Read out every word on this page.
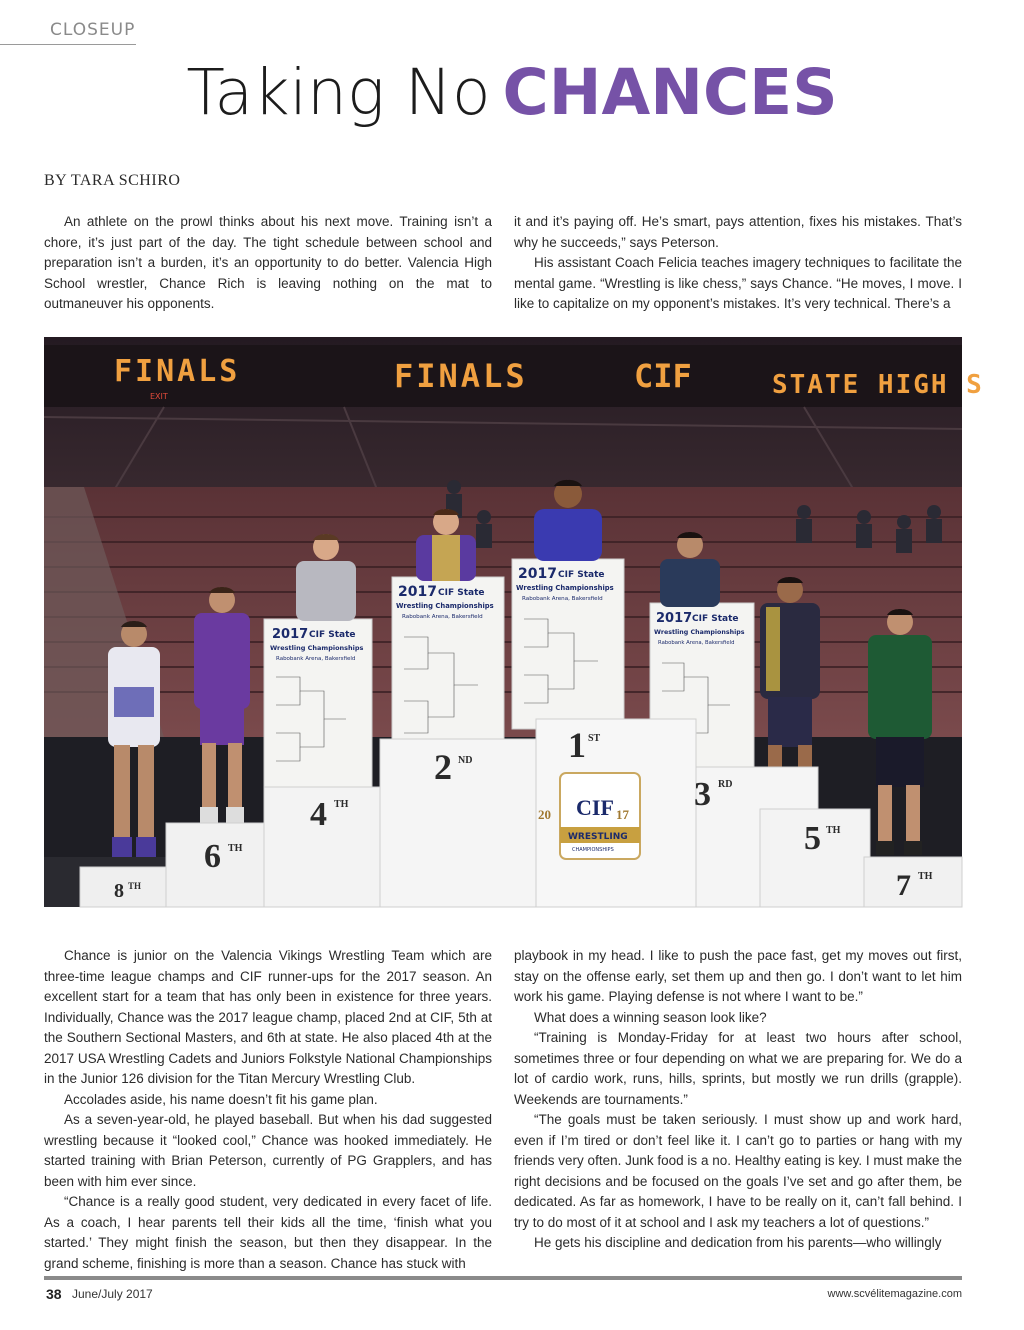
CLOSEUP
Taking No CHANCES
BY TARA SCHIRO

An athlete on the prowl thinks about his next move. Training isn’t a chore, it’s just part of the day. The tight schedule between school and preparation isn’t a burden, it’s an opportunity to do better. Valencia High School wrestler, Chance Rich is leaving nothing on the mat to outmaneuver his opponents.

it and it’s paying off. He’s smart, pays attention, fixes his mistakes. That’s why he succeeds,” says Peterson.

His assistant Coach Felicia teaches imagery techniques to facilitate the mental game. “Wrestling is like chess,” says Chance. “He moves, I move. I like to capitalize on my opponent’s mistakes. It’s very technical. There’s a

FINALS	FINALS	CIF	STATE HIGH S
EXIT
2017 CIF State
Wrestling Championships
Rabobank Arena, Bakersfield
2017 CIF State
Wrestling Championships
Rabobank Arena, Bakersfield
2017 CIF State
Wrestling Championships
Rabobank Arena, Bakersfield
2017 CIF State
Wrestling Championships
Rabobank Arena, Bakersfield
8 TH
6 TH
4 TH
2 ND	1 ST
3 RD
5 TH
7 TH
20 CIF 17
WRESTLING
CHAMPIONSHIPS

Chance is junior on the Valencia Vikings Wrestling Team which are three-time league champs and CIF runner-ups for the 2017 season. An excellent start for a team that has only been in existence for three years. Individually, Chance was the 2017 league champ, placed 2nd at CIF, 5th at the Southern Sectional Masters, and 6th at state. He also placed 4th at the 2017 USA Wrestling Cadets and Juniors Folkstyle National Championships in the Junior 126 division for the Titan Mercury Wrestling Club.

Accolades aside, his name doesn’t fit his game plan.

As a seven-year-old, he played baseball. But when his dad suggested wrestling because it “looked cool,” Chance was hooked immediately. He started training with Brian Peterson, currently of PG Grapplers, and has been with him ever since.

“Chance is a really good student, very dedicated in every facet of life. As a coach, I hear parents tell their kids all the time, ‘finish what you started.’ They might finish the season, but then they disappear. In the grand scheme, finishing is more than a season. Chance has stuck with

playbook in my head. I like to push the pace fast, get my moves out first, stay on the offense early, set them up and then go. I don’t want to let him work his game. Playing defense is not where I want to be.”

What does a winning season look like?

“Training is Monday-Friday for at least two hours after school, sometimes three or four depending on what we are preparing for. We do a lot of cardio work, runs, hills, sprints, but mostly we run drills (grapple). Weekends are tournaments.”

“The goals must be taken seriously. I must show up and work hard, even if I’m tired or don’t feel like it. I can’t go to parties or hang with my friends very often. Junk food is a no. Healthy eating is key. I must make the right decisions and be focused on the goals I’ve set and go after them, be dedicated. As far as homework, I have to be really on it, can’t fall behind. I try to do most of it at school and I ask my teachers a lot of questions.”

He gets his discipline and dedication from his parents—who willingly

38 June/July 2017	www.scvélitemagazine.com
